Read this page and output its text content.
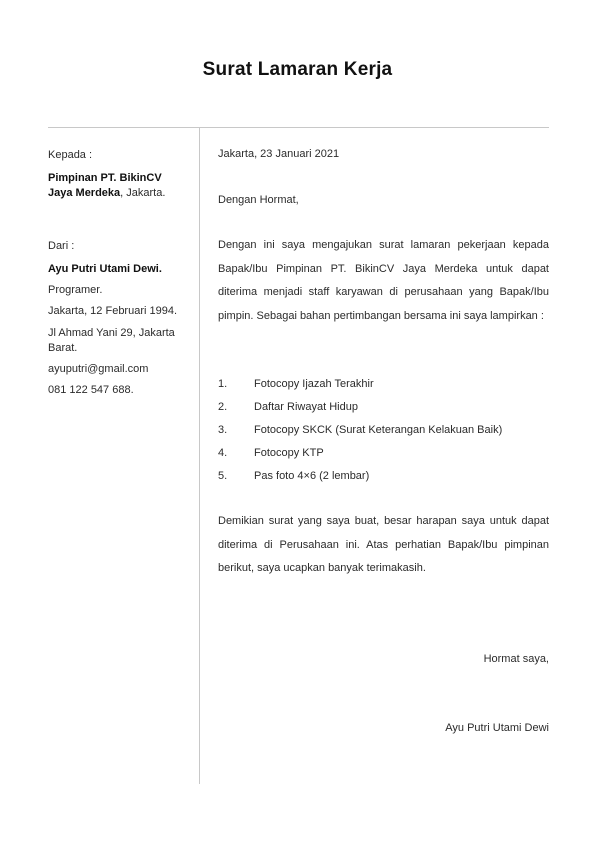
Surat Lamaran Kerja
Kepada :
Pimpinan PT. BikinCV
Jaya Merdeka, Jakarta.
Dari :
Ayu Putri Utami Dewi.
Programer.
Jakarta, 12 Februari 1994.
Jl Ahmad Yani 29, Jakarta
Barat.
ayuputri@gmail.com
081 122 547 688.
Jakarta, 23 Januari 2021
Dengan Hormat,

Dengan ini saya mengajukan surat lamaran pekerjaan kepada Bapak/Ibu Pimpinan PT. BikinCV Jaya Merdeka untuk dapat diterima menjadi staff karyawan di perusahaan yang Bapak/Ibu pimpin. Sebagai bahan pertimbangan bersama ini saya lampirkan :

1. Fotocopy Ijazah Terakhir
2. Daftar Riwayat Hidup
3. Fotocopy SKCK (Surat Keterangan Kelakuan Baik)
4. Fotocopy KTP
5. Pas foto 4×6 (2 lembar)

Demikian surat yang saya buat, besar harapan saya untuk dapat diterima di Perusahaan ini. Atas perhatian Bapak/Ibu pimpinan berikut, saya ucapkan banyak terimakasih.

Hormat saya,
Ayu Putri Utami Dewi
